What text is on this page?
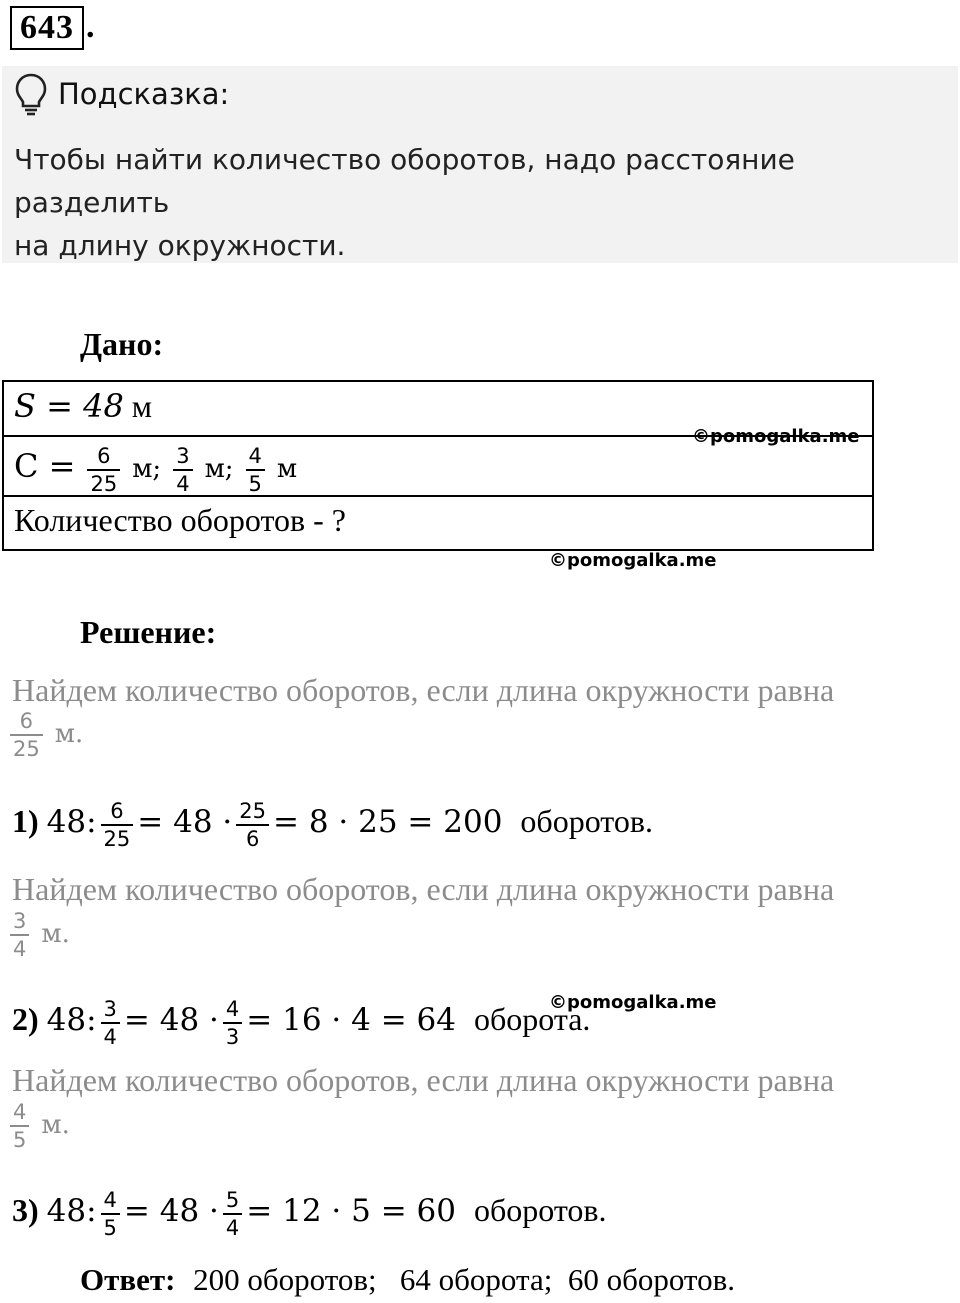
643 .
Подсказка:
Чтобы найти количество оборотов, надо расстояние разделить
на длину окружности.
Дано:
S = 48 м
$C = \frac{6}{25} м$; $\frac{3}{4} м$; $\frac{4}{5}$ м
Количество оборотов - ?
©pomogalka.me
©pomogalka.me
©pomogalka.me
Решение:
Найдем количество оборотов, если длина окружности равна
$\frac{6}{25} м$.
1) 48: $\frac{6}{25} = 48 \cdot \frac{25}{6} = 8 \cdot 25 = 200$ оборотов.
Найдем количество оборотов, если длина окружности равна
$\frac{3}{4} м$.
2) 48: $\frac{3}{4} = 48 \cdot \frac{4}{3} = 16 \cdot 4 = 64$ оборота.
Найдем количество оборотов, если длина окружности равна
$\frac{4}{5} м$.
3) 48: $\frac{4}{5} = 48 \cdot \frac{5}{4} = 12 \cdot 5 = 60$ оборотов.
Ответ: 200 оборотов;   64 оборота;  60 оборотов.
